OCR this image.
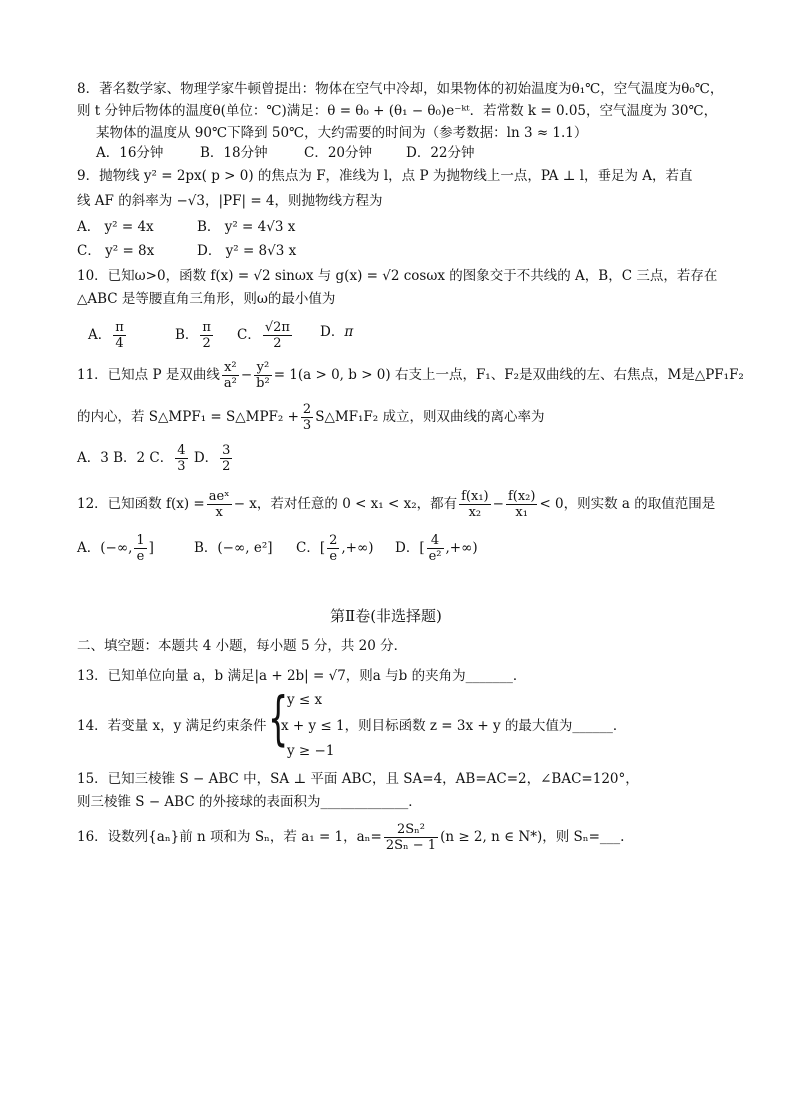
8．著名数学家、物理学家牛顿曾提出：物体在空气中冷却，如果物体的初始温度为θ₁℃，空气温度为θ₀℃，
则 t 分钟后物体的温度θ(单位：℃)满足：θ = θ₀ + (θ₁ − θ₀)e⁻ᵏᵗ．若常数 k = 0.05，空气温度为 30℃，
某物体的温度从 90℃下降到 50℃，大约需要的时间为（参考数据：ln 3 ≈ 1.1）
A．16分钟	B．18分钟	C．20分钟	D．22分钟
9．抛物线 y² = 2px( p > 0) 的焦点为 F，准线为 l，点 P 为抛物线上一点，PA ⊥ l，垂足为 A，若直
线 AF 的斜率为 −√3，|PF| = 4，则抛物线方程为
A． y² = 4x	B． y² = 4√3 x
C． y² = 8x	D． y² = 8√3 x
10．已知ω>0，函数 f(x) = √2 sinωx 与 g(x) = √2 cosωx 的图象交于不共线的 A，B，C 三点，若存在
△ABC 是等腰直角三角形，则ω的最小值为
A． $\frac{\pi}{4}$	B． $\frac{\pi}{2}$ C． $\frac{√2\pi}{2}$ D．π
11．已知点 P 是双曲线 $\frac{\text{x²}}{\text{a²}} - \frac{\text{y²}}{\text{b²}} = 1(a > 0$, b > 0) 右支上一点，F₁、F₂是双曲线的左、右焦点，M是△PF₁F₂
的内心，若 S△MPF₁ = S△MPF₂ + $\frac{2}{3}$ S△MF₁F₂ 成立，则双曲线的离心率为
A．3 B．2 C． $\frac{4}{3}$ D． $\frac{3}{2}$
12．已知函数 $f(x) = \frac{\text{aeˣ}}{x} - x$，若对任意的 0 < x₁ < x₂，都有 $\frac{\text{f(x₁)}}{\text{x₂}} - \frac{\text{f(x₂)}}{\text{x₁}} < 0$，则实数 a 的取值范围是
A．(−∞, $\frac{1}{e}$ ]	B．(−∞, e²] C．[ $\frac{2}{e}$ ,+∞) D．[ $\frac{4}{\text{e²}}$ ,+∞)
第Ⅱ卷(非选择题)
二、填空题：本题共 4 小题，每小题 5 分，共 20 分．
13．已知单位向量 a，b 满足|a + 2b| = √7，则a 与b 的夹角为_______．
14．若变量 x，y 满足约束条件 {
y ≤ x
x + y ≤ 1，则目标函数 z = 3x + y 的最大值为______．
y ≥ −1
15．已知三棱锥 S − ABC 中，SA ⊥ 平面 ABC，且 SA=4，AB=AC=2，∠BAC=120°，
则三棱锥 S − ABC 的外接球的表面积为_____________．
16．设数列{aₙ}前 n 项和为 Sₙ，若 a₁ = 1，$a_n= \frac{\text{2Sₙ²}}{\text{2Sₙ − 1}} (n \ge 2$, n ∈ N*)，则 Sₙ=___.
